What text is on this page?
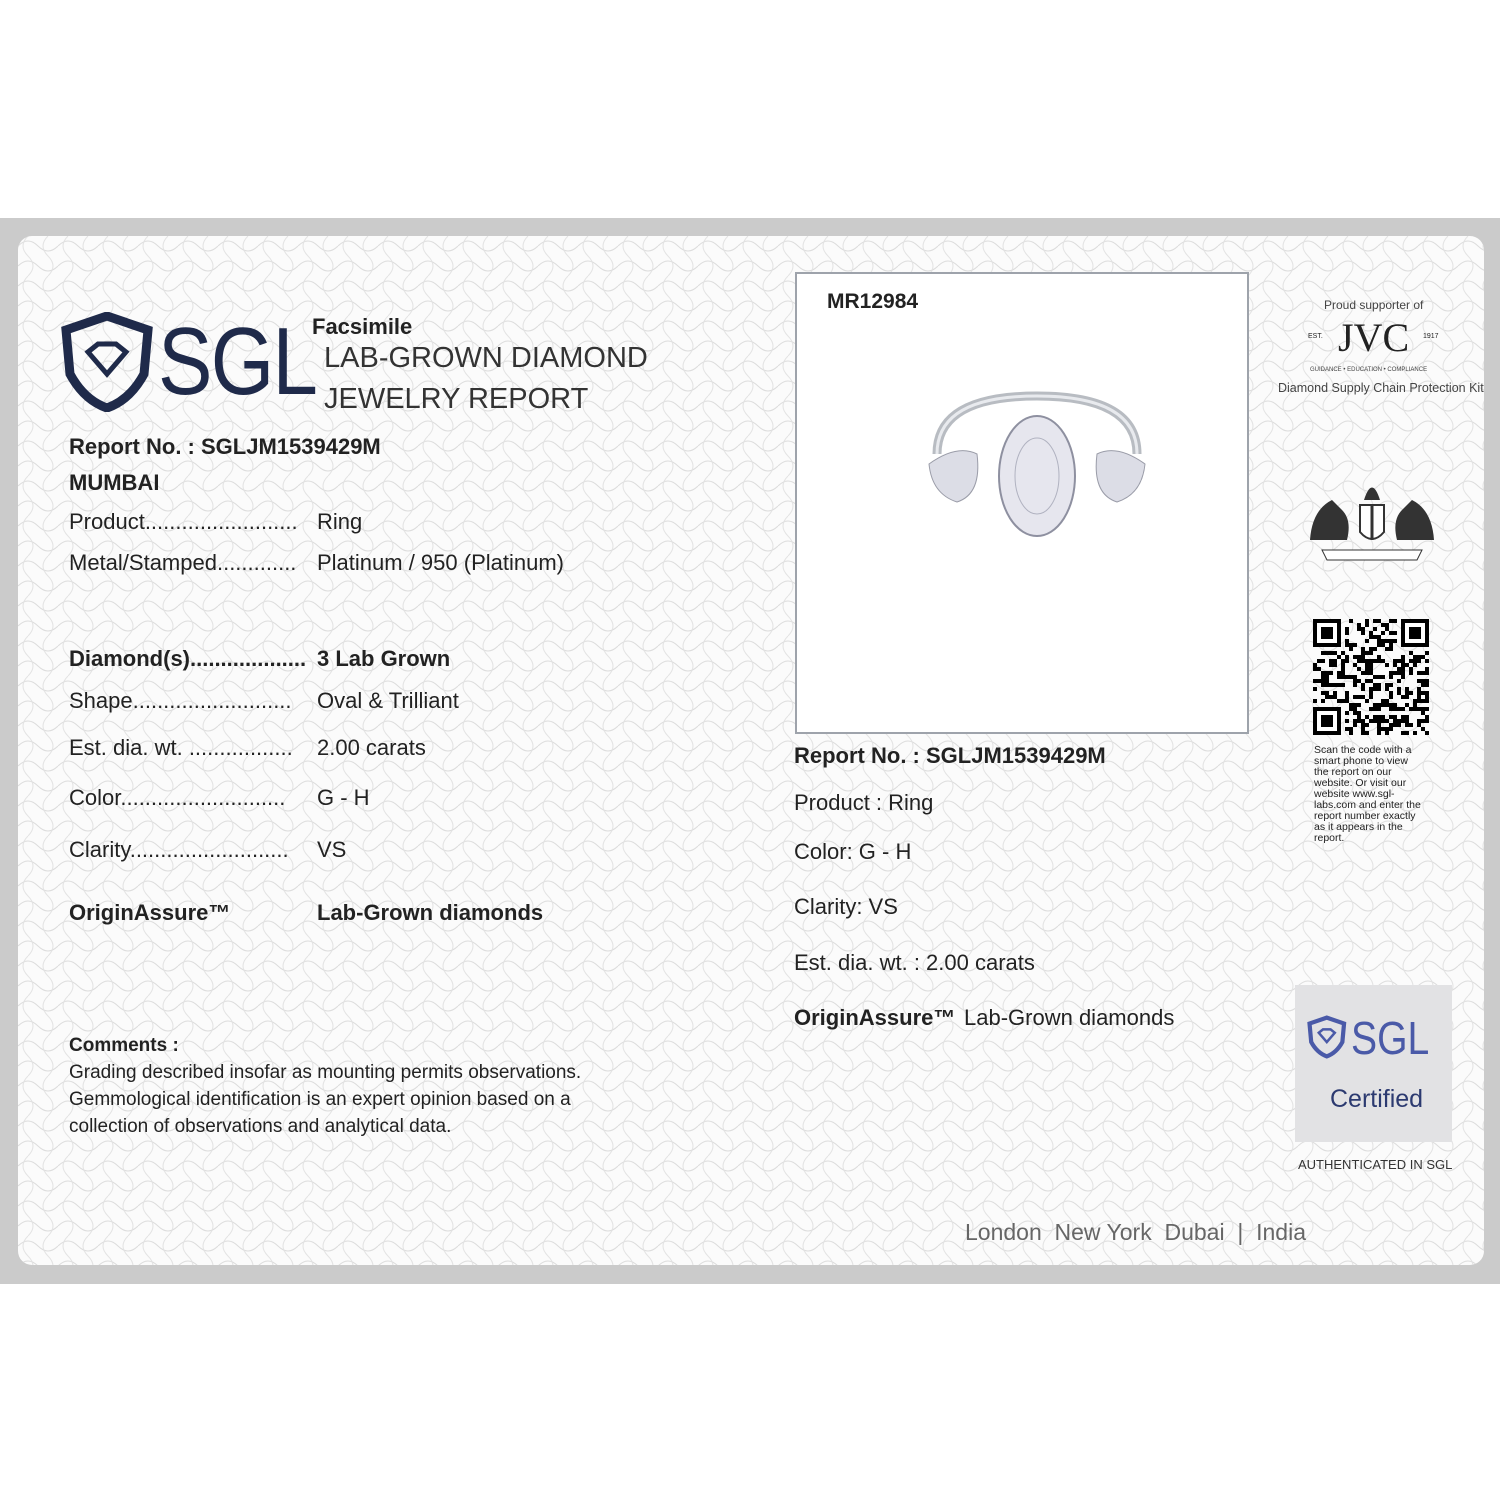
SGL
Facsimile
LAB-GROWN DIAMOND
JEWELRY REPORT
Report No. : SGLJM1539429M
MUMBAI
Product......................... Ring
Metal/Stamped............. Platinum / 950 (Platinum)
Diamond(s)................... 3 Lab Grown
Shape.......................... Oval & Trilliant
Est. dia. wt. ................. 2.00 carats
Color........................... G - H
Clarity.......................... VS
OriginAssure™	Lab-Grown diamonds
Comments :
Grading described insofar as mounting permits observations.
Gemmological identification is an expert opinion based on a
collection of observations and analytical data.
MR12984
Report No. : SGLJM1539429M
Product : Ring
Color: G - H
Clarity: VS
Est. dia. wt. : 2.00 carats
OriginAssure™ Lab-Grown diamonds
Proud supporter of
EST. JVC 1917
GUIDANCE • EDUCATION • COMPLIANCE
Diamond Supply Chain Protection Kit
Scan the code with a smart phone to view the report on our website. Or visit our website www.sgl-labs.com and enter the report number exactly as it appears in the report.
SGL
Certified
AUTHENTICATED IN SGL
London  New York  Dubai  |  India
